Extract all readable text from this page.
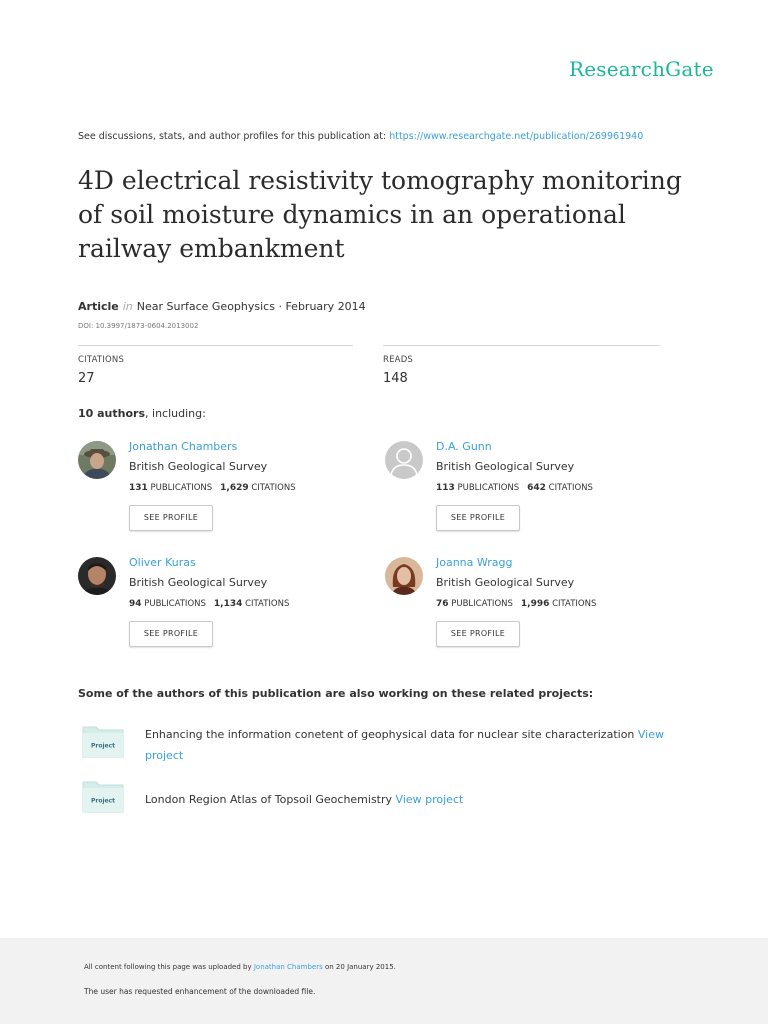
ResearchGate
See discussions, stats, and author profiles for this publication at: https://www.researchgate.net/publication/269961940
4D electrical resistivity tomography monitoring of soil moisture dynamics in an operational railway embankment
Article in Near Surface Geophysics · February 2014
DOI: 10.3997/1873-0604.2013002
CITATIONS
27
READS
148
10 authors, including:
Jonathan Chambers
British Geological Survey
131 PUBLICATIONS 1,629 CITATIONS
SEE PROFILE
D.A. Gunn
British Geological Survey
113 PUBLICATIONS 642 CITATIONS
SEE PROFILE
Oliver Kuras
British Geological Survey
94 PUBLICATIONS 1,134 CITATIONS
SEE PROFILE
Joanna Wragg
British Geological Survey
76 PUBLICATIONS 1,996 CITATIONS
SEE PROFILE
Some of the authors of this publication are also working on these related projects:
Project
Enhancing the information conetent of geophysical data for nuclear site characterization View project
Project	London Region Atlas of Topsoil Geochemistry View project
All content following this page was uploaded by Jonathan Chambers on 20 January 2015.
The user has requested enhancement of the downloaded file.
